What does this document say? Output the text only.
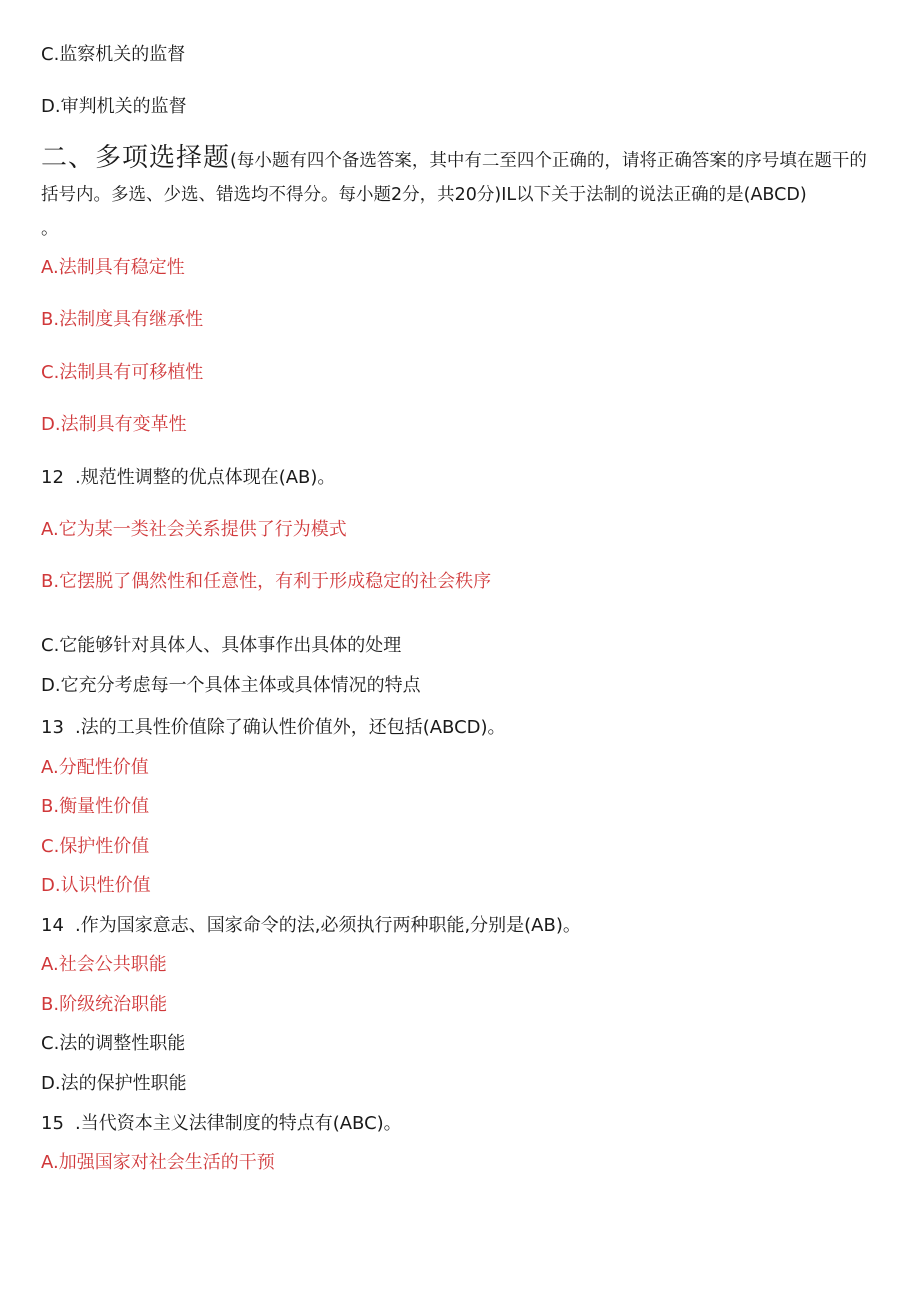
C.监察机关的监督
D.审判机关的监督
二、多项选择题(每小题有四个备选答案，其中有二至四个正确的，请将正确答案的序号填在题干的括号内。多选、少选、错选均不得分。每小题2分，共20分)IL以下关于法制的说法正确的是(ABCD)
。
A.法制具有稳定性
B.法制度具有继承性
C.法制具有可移植性
D.法制具有变革性
12 .规范性调整的优点体现在(AB)。
A.它为某一类社会关系提供了行为模式
B.它摆脱了偶然性和任意性，有利于形成稳定的社会秩序
C.它能够针对具体人、具体事作出具体的处理
D.它充分考虑每一个具体主体或具体情况的特点
13 .法的工具性价值除了确认性价值外，还包括(ABCD)。
A.分配性价值
B.衡量性价值
C.保护性价值
D.认识性价值
14 .作为国家意志、国家命令的法,必须执行两种职能,分别是(AB)。
A.社会公共职能
B.阶级统治职能
C.法的调整性职能
D.法的保护性职能
15 .当代资本主义法律制度的特点有(ABC)。
A.加强国家对社会生活的干预
